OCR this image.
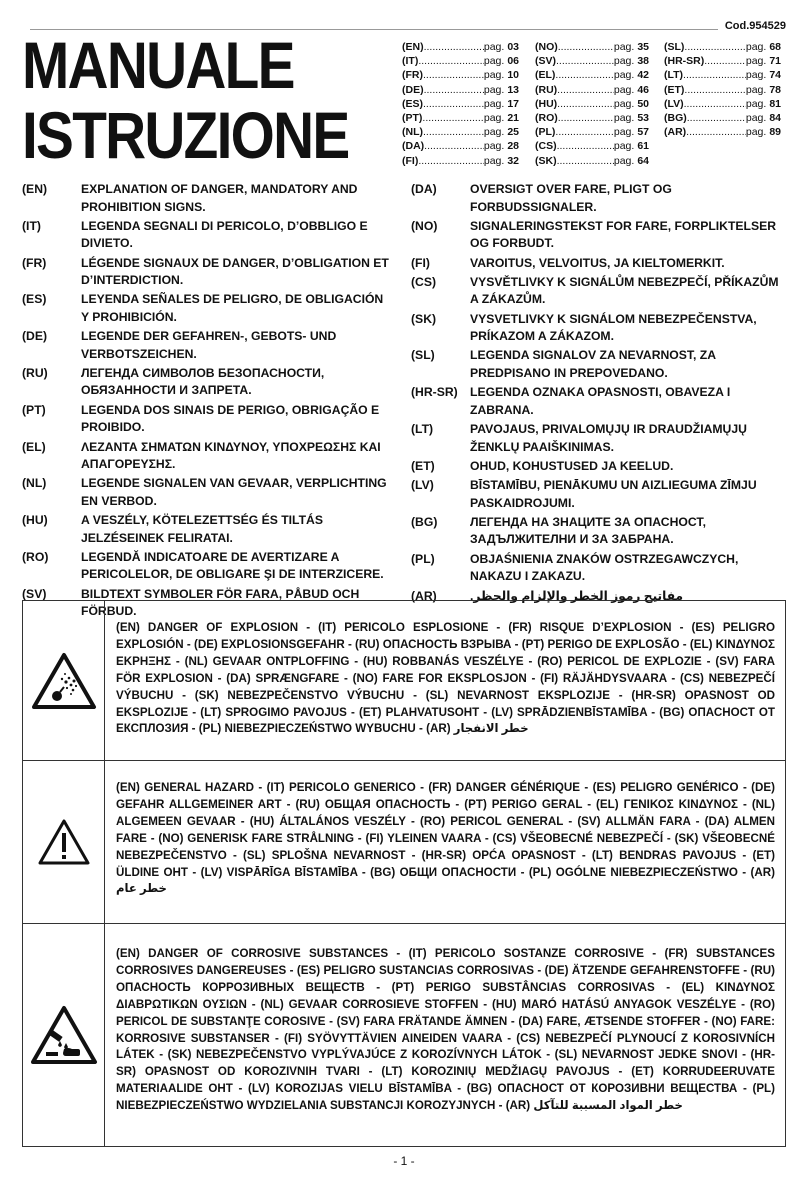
Cod.954529
MANUALE
ISTRUZIONE
(EN) .....	pag. 03
(IT) .....	pag. 06
(FR) .....	pag. 10
(DE) .....	pag. 13
(ES) .....	pag. 17
(PT) .....	pag. 21
(NL) .....	pag. 25
(DA) .....	pag. 28
(FI) .....	pag. 32
(NO) .....	pag. 35
(SV) .....	pag. 38
(EL) .....	pag. 42
(RU) .....	pag. 46
(HU) .....	pag. 50
(RO) .....	pag. 53
(PL) .....	pag. 57
(CS) .....	pag. 61
(SK) .....	pag. 64
(SL) .....	pag. 68
(HR-SR) .....	pag. 71
(LT) .....	pag. 74
(ET) .....	pag. 78
(LV) .....	pag. 81
(BG) .....	pag. 84
(AR) .....	pag. 89
(EN)	EXPLANATION OF DANGER, MANDATORY AND PROHIBITION SIGNS.
(IT)	LEGENDA SEGNALI DI PERICOLO, D’OBBLIGO E DIVIETO.
(FR)	LÉGENDE SIGNAUX DE DANGER, D’OBLIGATION ET D’INTERDICTION.
(ES)	LEYENDA SEÑALES DE PELIGRO, DE OBLIGACIÓN Y PROHIBICIÓN.
(DE)	LEGENDE DER GEFAHREN-, GEBOTS- UND VERBOTSZEICHEN.
(RU)	ЛЕГЕНДА СИМВОЛОВ БЕЗОПАСНОСТИ, ОБЯЗАННОСТИ И ЗАПРЕТА.
(PT)	LEGENDA DOS SINAIS DE PERIGO, OBRIGAÇÃO E PROIBIDO.
(EL)	ΛΕΖΑΝΤΑ ΣΗΜΑΤΩΝ ΚΙΝΔΥΝΟΥ, ΥΠΟΧΡΕΩΣΗΣ ΚΑΙ ΑΠΑΓΟΡΕΥΣΗΣ.
(NL)	LEGENDE SIGNALEN VAN GEVAAR, VERPLICHTING EN VERBOD.
(HU)	A VESZÉLY, KÖTELEZETTSÉG ÉS TILTÁS JELZÉSEINEK FELIRATAI.
(RO)	LEGENDĂ INDICATOARE DE AVERTIZARE A PERICOLELOR, DE OBLIGARE ŞI DE INTERZICERE.
(SV)	BILDTEXT SYMBOLER FÖR FARA, PÅBUD OCH FÖRBUD.
(DA)	OVERSIGT OVER FARE, PLIGT OG FORBUDSSIGNALER.
(NO)	SIGNALERINGSTEKST FOR FARE, FORPLIKTELSER OG FORBUDT.
(FI)	VAROITUS, VELVOITUS, JA KIELTOMERKIT.
(CS)	VYSVĚTLIVKY K SIGNÁLŮM NEBEZPEČÍ, PŘÍKAZŮM A ZÁKAZŮM.
(SK)	VYSVETLIVKY K SIGNÁLOM NEBEZPEČENSTVA, PRÍKAZOM A ZÁKAZOM.
(SL)	LEGENDA SIGNALOV ZA NEVARNOST, ZA PREDPISANO IN PREPOVEDANO.
(HR-SR)	LEGENDA OZNAKA OPASNOSTI, OBAVEZA I ZABRANA.
(LT)	PAVOJAUS, PRIVALOMŲJŲ IR DRAUDŽIAMŲJŲ ŽENKLŲ PAAIŠKINIMAS.
(ET)	OHUD, KOHUSTUSED JA KEELUD.
(LV)	BĪSTAMĪBU, PIENĀKUMU UN AIZLIEGUMA ZĪMJU PASKAIDROJUMI.
(BG)	ЛЕГЕНДА НА ЗНАЦИТЕ ЗА ОПАСНОСТ, ЗАДЪЛЖИТЕЛНИ И ЗА ЗАБРАНА.
(PL)	OBJAŚNIENIA ZNAKÓW OSTRZEGAWCZYCH, NAKAZU I ZAKAZU.
(AR)	مفاتيح رموز الخطر والإلزام والحظر.
(EN) DANGER OF EXPLOSION - (IT) PERICOLO ESPLOSIONE - (FR) RISQUE D’EXPLOSION - (ES) PELIGRO EXPLOSIÓN - (DE) EXPLOSIONSGEFAHR - (RU) ОПАСНОСТЬ ВЗРЫВА - (PT) PERIGO DE EXPLOSÃO - (EL) ΚΙΝΔΥΝΟΣ ΕΚΡΗΞΗΣ - (NL) GEVAAR ONTPLOFFING - (HU) ROBBANÁS VESZÉLYE - (RO) PERICOL DE EXPLOZIE - (SV) FARA FÖR EXPLOSION - (DA) SPRÆNGFARE - (NO) FARE FOR EKSPLOSJON - (FI) RÄJÄHDYSVAARA - (CS) NEBEZPEČÍ VÝBUCHU - (SK) NEBEZPEČENSTVO VÝBUCHU - (SL) NEVARNOST EKSPLOZIJE - (HR-SR) OPASNOST OD EKSPLOZIJE - (LT) SPROGIMO PAVOJUS - (ET) PLAHVATUSOHT - (LV) SPRĀDZIENBĪSTAMĪBA - (BG) ОПАСНОСТ ОТ ЕКСПЛОЗИЯ - (PL) NIEBEZPIECZEŃSTWO WYBUCHU - (AR) خطر الانفجار
(EN) GENERAL HAZARD - (IT) PERICOLO GENERICO - (FR) DANGER GÉNÉRIQUE - (ES) PELIGRO GENÉRICO - (DE) GEFAHR ALLGEMEINER ART - (RU) ОБЩАЯ ОПАСНОСТЬ - (PT) PERIGO GERAL - (EL) ΓΕΝΙΚΟΣ ΚΙΝΔΥΝΟΣ - (NL) ALGEMEEN GEVAAR - (HU) ÁLTALÁNOS VESZÉLY - (RO) PERICOL GENERAL - (SV) ALLMÄN FARA - (DA) ALMEN FARE - (NO) GENERISK FARE STRÅLNING - (FI) YLEINEN VAARA - (CS) VŠEOBECNÉ NEBEZPEČÍ - (SK) VŠEOBECNÉ NEBEZPEČENSTVO - (SL) SPLOŠNA NEVARNOST - (HR-SR) OPĆA OPASNOST - (LT) BENDRAS PAVOJUS - (ET) ÜLDINE OHT - (LV) VISPĀRĪGA BĪSTAMĪBA - (BG) ОБЩИ ОПАСНОСТИ - (PL) OGÓLNE NIEBEZPIECZEŃSTWO - (AR) خطر عام
(EN) DANGER OF CORROSIVE SUBSTANCES - (IT) PERICOLO SOSTANZE CORROSIVE - (FR) SUBSTANCES CORROSIVES DANGEREUSES - (ES) PELIGRO SUSTANCIAS CORROSIVAS - (DE) ÄTZENDE GEFAHRENSTOFFE - (RU) ОПАСНОСТЬ КОРРОЗИВНЫХ ВЕЩЕСТВ - (PT) PERIGO SUBSTÂNCIAS CORROSIVAS - (EL) ΚΙΝΔΥΝΟΣ ΔΙΑΒΡΩΤΙΚΩΝ ΟΥΣΙΩΝ - (NL) GEVAAR CORROSIEVE STOFFEN - (HU) MARÓ HATÁSÚ ANYAGOK VESZÉLYE - (RO) PERICOL DE SUBSTANŢE COROSIVE - (SV) FARA FRÄTANDE ÄMNEN - (DA) FARE, ÆTSENDE STOFFER - (NO) FARE: KORROSIVE SUBSTANSER - (FI) SYÖVYTTÄVIEN AINEIDEN VAARA - (CS) NEBEZPEČÍ PLYNOUCÍ Z KOROSIVNÍCH LÁTEK - (SK) NEBEZPEČENSTVO VYPLÝVAJÚCE Z KOROZÍVNYCH LÁTOK - (SL) NEVARNOST JEDKE SNOVI - (HR-SR) OPASNOST OD KOROZIVNIH TVARI - (LT) KOROZINIŲ MEDŽIAGŲ PAVOJUS - (ET) KORRUDEERUVATE MATERIAALIDE OHT - (LV) KOROZIJAS VIELU BĪSTAMĪBA - (BG) ОПАСНОСТ ОТ КОРОЗИВНИ ВЕЩЕСТВА - (PL) NIEBEZPIECZEŃSTWO WYDZIELANIA SUBSTANCJI KOROZYJNYCH - (AR) خطر المواد المسببة للتآكل
- 1 -
